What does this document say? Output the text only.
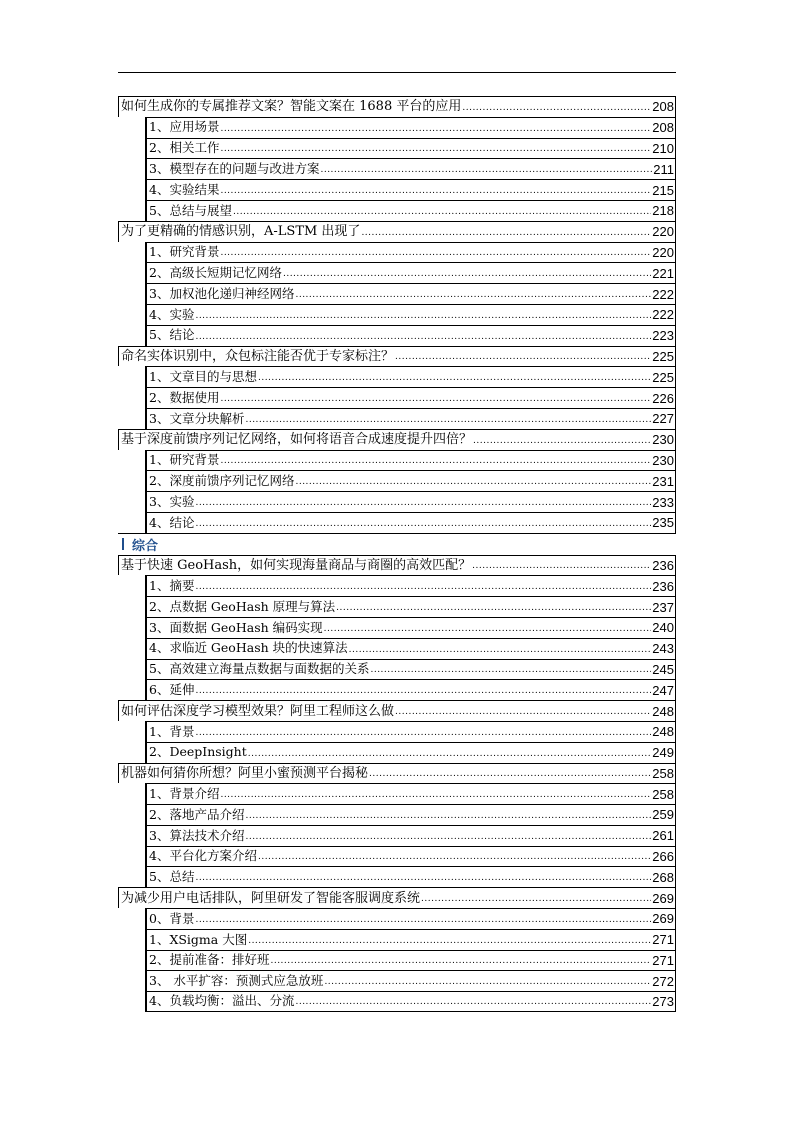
如何生成你的专属推荐文案？智能文案在 1688 平台的应用 .....	208
1、应用场景 .....	208
2、相关工作 .....	210
3、模型存在的问题与改进方案 .....	211
4、实验结果 .....	215
5、总结与展望 .....	218
为了更精确的情感识别，A-LSTM 出现了 .....	220
1、研究背景 .....	220
2、高级长短期记忆网络 .....	221
3、加权池化递归神经网络 .....	222
4、实验 .....	222
5、结论 .....	223
命名实体识别中，众包标注能否优于专家标注？ .....	225
1、文章目的与思想 .....	225
2、数据使用 .....	226
3、文章分块解析 .....	227
基于深度前馈序列记忆网络，如何将语音合成速度提升四倍？ .....	230
1、研究背景 .....	230
2、深度前馈序列记忆网络 .....	231
3、实验 .....	233
4、结论 .....	235
综合
基于快速 GeoHash，如何实现海量商品与商圈的高效匹配？ .....	236
1、摘要 .....	236
2、点数据 GeoHash 原理与算法 .....	237
3、面数据 GeoHash 编码实现 .....	240
4、求临近 GeoHash 块的快速算法 .....	243
5、高效建立海量点数据与面数据的关系 .....	245
6、延伸 .....	247
如何评估深度学习模型效果？阿里工程师这么做 .....	248
1、背景 .....	248
2、DeepInsight .....	249
机器如何猜你所想？阿里小蜜预测平台揭秘 .....	258
1、背景介绍 .....	258
2、落地产品介绍 .....	259
3、算法技术介绍 .....	261
4、平台化方案介绍 .....	266
5、总结 .....	268
为减少用户电话排队，阿里研发了智能客服调度系统 .....	269
0、背景 .....	269
1、XSigma 大图 .....	271
2、提前准备：排好班 .....	271
3、 水平扩容：预测式应急放班 .....	272
4、负载均衡：溢出、分流 .....	273
